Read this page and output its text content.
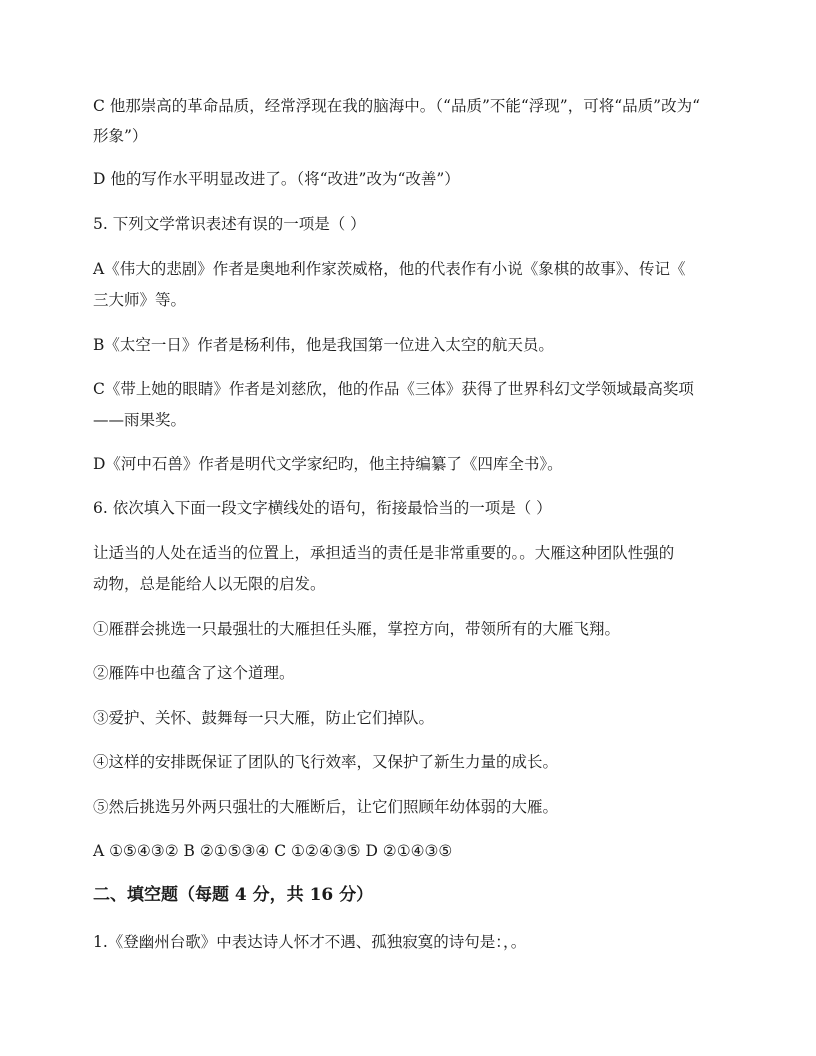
C 他那崇高的革命品质，经常浮现在我的脑海中。（“品质”不能“浮现”，可将“品质”改为“
形象”）
D 他的写作水平明显改进了。（将“改进”改为“改善”）
5. 下列文学常识表述有误的一项是（ ）
A《伟大的悲剧》作者是奥地利作家茨威格，他的代表作有小说《象棋的故事》、传记《
三大师》等。
B《太空一日》作者是杨利伟，他是我国第一位进入太空的航天员。
C《带上她的眼睛》作者是刘慈欣，他的作品《三体》获得了世界科幻文学领域最高奖项
——雨果奖。
D《河中石兽》作者是明代文学家纪昀，他主持编纂了《四库全书》。
6. 依次填入下面一段文字横线处的语句，衔接最恰当的一项是（ ）
让适当的人处在适当的位置上，承担适当的责任是非常重要的。。大雁这种团队性强的
动物，总是能给人以无限的启发。
①雁群会挑选一只最强壮的大雁担任头雁，掌控方向，带领所有的大雁飞翔。
②雁阵中也蕴含了这个道理。
③爱护、关怀、鼓舞每一只大雁，防止它们掉队。
④这样的安排既保证了团队的飞行效率，又保护了新生力量的成长。
⑤然后挑选另外两只强壮的大雁断后，让它们照顾年幼体弱的大雁。
A ①⑤④③② B ②①⑤③④ C ①②④③⑤ D ②①④③⑤
二、填空题（每题 4 分，共 16 分）
1.《登幽州台歌》中表达诗人怀才不遇、孤独寂寞的诗句是：，。
